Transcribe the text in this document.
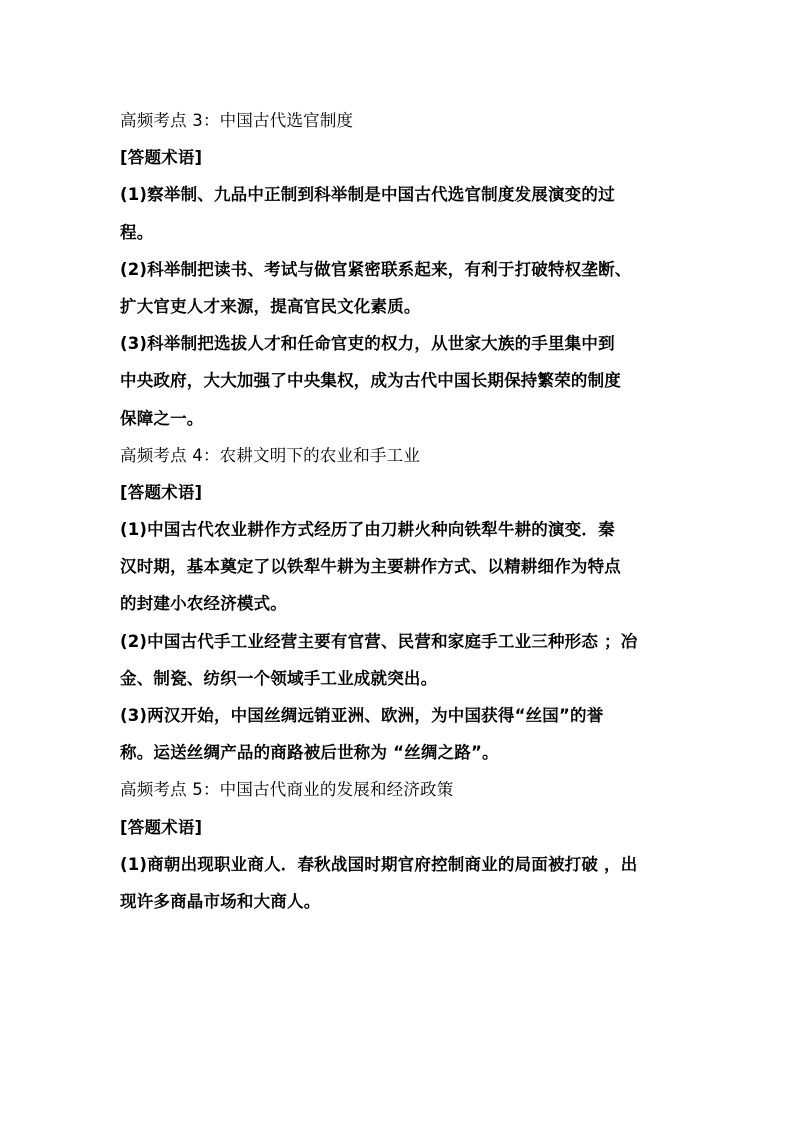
高频考点 3：中国古代选官制度
[答题术语]
(1)察举制、九品中正制到科举制是中国古代选官制度发展演变的过
程。
(2)科举制把读书、考试与做官紧密联系起来，有利于打破特权垄断、
扩大官吏人才来源，提高官民文化素质。
(3)科举制把选拔人才和任命官吏的权力，从世家大族的手里集中到
中央政府，大大加强了中央集权，成为古代中国长期保持繁荣的制度
保障之一。
高频考点 4：农耕文明下的农业和手工业
[答题术语]
(1)中国古代农业耕作方式经历了由刀耕火种向铁犁牛耕的演变．秦
汉时期，基本奠定了以铁犁牛耕为主要耕作方式、以精耕细作为特点
的封建小农经济模式。
(2)中国古代手工业经营主要有官营、民营和家庭手工业三种形态 ；冶
金、制瓷、纺织一个领域手工业成就突出。
(3)两汉开始，中国丝绸远销亚洲、欧洲，为中国获得“丝国”的誉
称。运送丝绸产品的商路被后世称为 “丝绸之路”。
高频考点 5：中国古代商业的发展和经济政策
[答题术语]
(1)商朝出现职业商人．春秋战国时期官府控制商业的局面被打破 ，出
现许多商晶市场和大商人。
